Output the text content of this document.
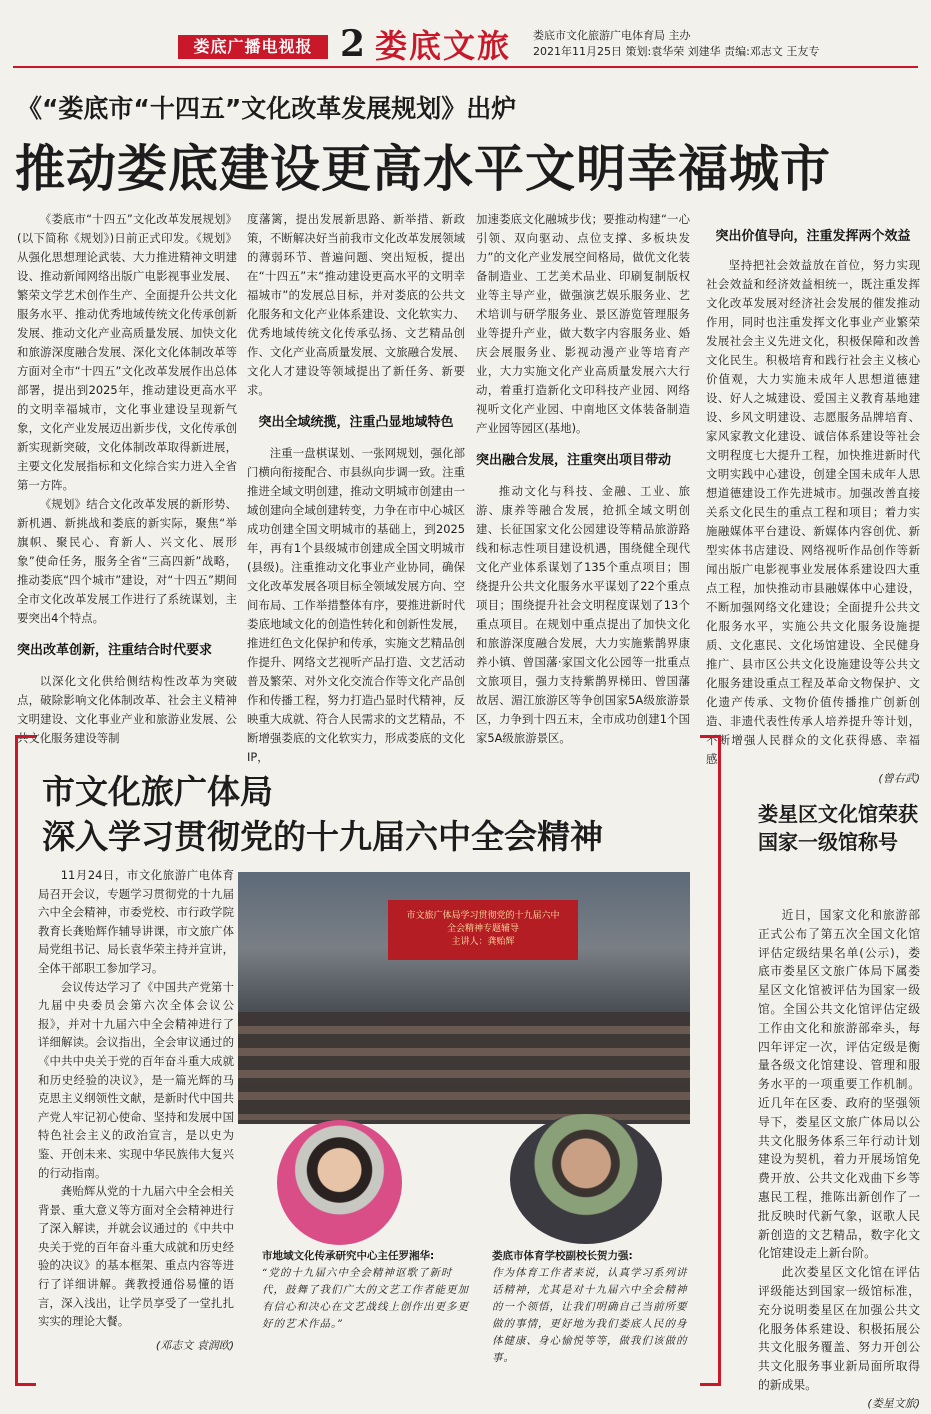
娄底广播电视报 2 娄底文旅 娄底市文化旅游广电体育局 主办
2021年11月25日 策划:袁华荣 刘建华 责编:邓志文 王友专
《“娄底市“十四五”文化改革发展规划》出炉
推动娄底建设更高水平文明幸福城市

《娄底市“十四五”文化改革发展规划》(以下简称《规划》)日前正式印发。《规划》从强化思想理论武装、大力推进精神文明建设、推动新闻网络出版广电影视事业发展、繁荣文学艺术创作生产、全面提升公共文化服务水平、推动优秀地域传统文化传承创新发展、推动文化产业高质量发展、加快文化和旅游深度融合发展、深化文化体制改革等方面对全市“十四五”文化改革发展作出总体部署，提出到2025年，推动建设更高水平的文明幸福城市，文化事业建设呈现新气象，文化产业发展迈出新步伐，文化传承创新实现新突破，文化体制改革取得新进展，主要文化发展指标和文化综合实力进入全省第一方阵。

《规划》结合文化改革发展的新形势、新机遇、新挑战和娄底的新实际，聚焦“举旗帜、聚民心、育新人、兴文化、展形象”使命任务，服务全省“三高四新”战略，推动娄底“四个城市”建设，对“十四五”期间全市文化改革发展工作进行了系统谋划，主要突出4个特点。

突出改革创新，注重结合时代要求

以深化文化供给侧结构性改革为突破点，破除影响文化体制改革、社会主义精神文明建设、文化事业产业和旅游业发展、公共文化服务建设等制

度藩篱，提出发展新思路、新举措、新政策，不断解决好当前我市文化改革发展领域的薄弱环节、普遍问题、突出短板，提出在“十四五”末“推动建设更高水平的文明幸福城市”的发展总目标，并对娄底的公共文化服务和文化产业体系建设、文化软实力、优秀地域传统文化传承弘扬、文艺精品创作、文化产业高质量发展、文旅融合发展、文化人才建设等领域提出了新任务、新要求。

突出全域统揽，注重凸显地域特色

注重一盘棋谋划、一张网规划，强化部门横向衔接配合、市县纵向步调一致。注重推进全域文明创建，推动文明城市创建由一域创建向全域创建转变，力争在市中心城区成功创建全国文明城市的基础上，到2025年，再有1个县级城市创建成全国文明城市(县级)。注重推动文化事业产业协同，确保文化改革发展各项目标全领域发展方向、空间布局、工作举措整体有序，要推进新时代娄底地域文化的创造性转化和创新性发展，推进红色文化保护和传承，实施文艺精品创作提升、网络文艺视听产品打造、文艺活动普及繁荣、对外文化交流合作等文化产品创作和传播工程，努力打造凸显时代精神，反映重大成就、符合人民需求的文艺精品，不断增强娄底的文化软实力，形成娄底的文化IP，

加速娄底文化融城步伐；要推动构建“一心引领、双向驱动、点位支撑、多板块发力”的文化产业发展空间格局，做优文化装备制造业、工艺美术品业、印刷复制版权业等主导产业，做强演艺娱乐服务业、艺术培训与研学服务业、景区游览管理服务业等提升产业，做大数字内容服务业、婚庆会展服务业、影视动漫产业等培育产业，大力实施文化产业高质量发展六大行动，着重打造新化文印科技产业园、网络视听文化产业园、中南地区文体装备制造产业园等园区(基地)。

突出融合发展，注重突出项目带动

推动文化与科技、金融、工业、旅游、康养等融合发展，抢抓全域文明创建、长征国家文化公园建设等精品旅游路线和标志性项目建设机遇，围绕健全现代文化产业体系谋划了135个重点项目；围绕提升公共文化服务水平谋划了22个重点项目；围绕提升社会文明程度谋划了13个重点项目。在规划中重点提出了加快文化和旅游深度融合发展，大力实施紫鹊界康养小镇、曾国藩·家国文化公园等一批重点文旅项目，强力支持紫鹊界梯田、曾国藩故居、湄江旅游区等争创国家5A级旅游景区，力争到十四五末，全市成功创建1个国家5A级旅游景区。

突出价值导向，注重发挥两个效益

坚持把社会效益放在首位，努力实现社会效益和经济效益相统一，既注重发挥文化改革发展对经济社会发展的催发推动作用，同时也注重发挥文化事业产业繁荣发展社会主义先进文化，积极保障和改善文化民生。积极培育和践行社会主义核心价值观，大力实施未成年人思想道德建设、好人之城建设、爱国主义教育基地建设、乡风文明建设、志愿服务品牌培育、家风家教文化建设、诚信体系建设等社会文明程度七大提升工程，加快推进新时代文明实践中心建设，创建全国未成年人思想道德建设工作先进城市。加强改善直接关系文化民生的重点工程和项目；着力实施融媒体平台建设、新媒体内容创优、新型实体书店建设、网络视听作品创作等新闻出版广电影视事业发展体系建设四大重点工程，加快推动市县融媒体中心建设，不断加强网络文化建设；全面提升公共文化服务水平，实施公共文化服务设施提质、文化惠民、文化场馆建设、全民健身推广、县市区公共文化设施建设等公共文化服务建设重点工程及革命文物保护、文化遗产传承、文物价值传播推广创新创造、非遗代表性传承人培养提升等计划，不断增强人民群众的文化获得感、幸福感。

(曾右武)
市文化旅广体局
深入学习贯彻党的十九届六中全会精神

11月24日，市文化旅游广电体育局召开会议，专题学习贯彻党的十九届六中全会精神，市委党校、市行政学院教育长龚贻辉作辅导讲课，市文旅广体局党组书记、局长袁华荣主持并宣讲，全体干部职工参加学习。

会议传达学习了《中国共产党第十九届中央委员会第六次全体会议公报》，并对十九届六中全会精神进行了详细解读。会议指出，全会审议通过的《中共中央关于党的百年奋斗重大成就和历史经验的决议》，是一篇光辉的马克思主义纲领性文献，是新时代中国共产党人牢记初心使命、坚持和发展中国特色社会主义的政治宣言，是以史为鉴、开创未来、实现中华民族伟大复兴的行动指南。

龚贻辉从党的十九届六中全会相关背景、重大意义等方面对全会精神进行了深入解读，并就会议通过的《中共中央关于党的百年奋斗重大成就和历史经验的决议》的基本框架、重点内容等进行了详细讲解。龚教授通俗易懂的语言，深入浅出，让学员享受了一堂扎扎实实的理论大餐。

(邓志文 袁润欧)
市文旅广体局学习贯彻党的十九届六中
全会精神专题辅导
主讲人：龚贻辉
市地域文化传承研究中心主任罗湘华:
“党的十九届六中全会精神讴歌了新时代，鼓舞了我们广大的文艺工作者能更加有信心和决心在文艺战线上创作出更多更好的艺术作品。”
娄底市体育学校副校长贺力强:
作为体育工作者来说，认真学习系列讲话精神，尤其是对十九届六中全会精神的一个领悟，让我们明确自己当前所要做的事情，更好地为我们娄底人民的身体健康、身心愉悦等等，做我们该做的事。
娄星区文化馆荣获国家一级馆称号

近日，国家文化和旅游部正式公布了第五次全国文化馆评估定级结果名单(公示)，娄底市娄星区文旅广体局下属娄星区文化馆被评估为国家一级馆。全国公共文化馆评估定级工作由文化和旅游部牵头，每四年评定一次，评估定级是衡量各级文化馆建设、管理和服务水平的一项重要工作机制。近几年在区委、政府的坚强领导下，娄星区文旅广体局以公共文化服务体系三年行动计划建设为契机，着力开展场馆免费开放、公共文化戏曲下乡等惠民工程，推陈出新创作了一批反映时代新气象，讴歌人民新创造的文艺精品，数字化文化馆建设走上新台阶。

此次娄星区文化馆在评估评级能达到国家一级馆标准，充分说明娄星区在加强公共文化服务体系建设、积极拓展公共文化服务覆盖、努力开创公共文化服务事业新局面所取得的新成果。

(娄星文旅)
